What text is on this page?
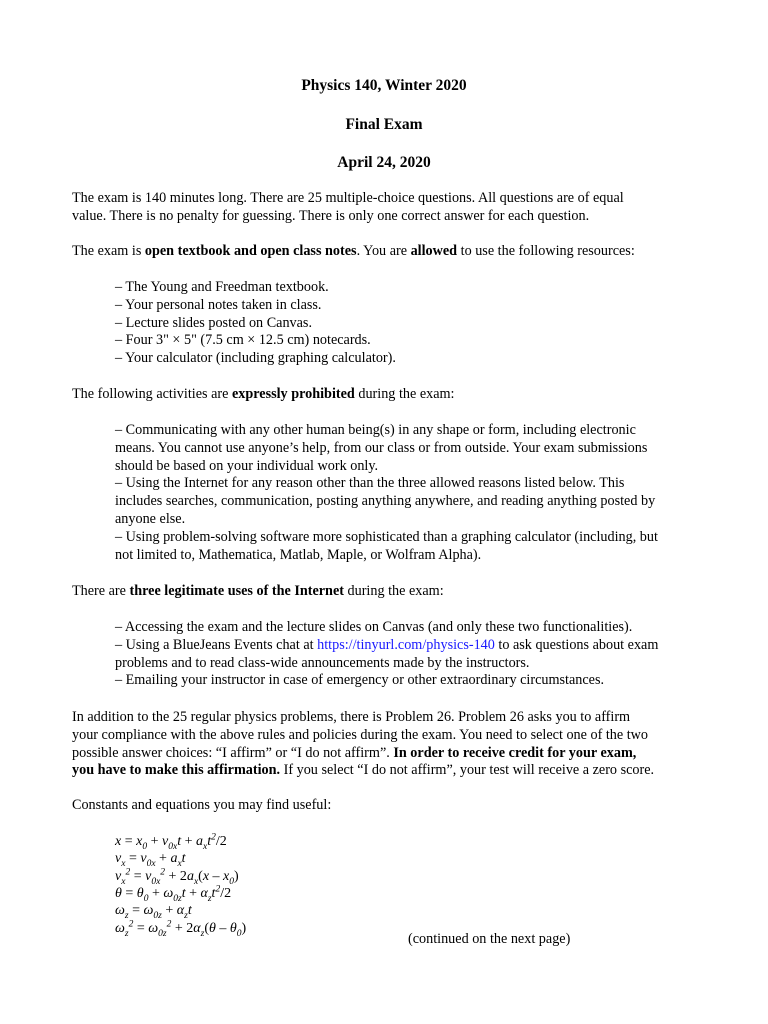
Physics 140, Winter 2020
Final Exam
April 24, 2020
The exam is 140 minutes long. There are 25 multiple-choice questions. All questions are of equal
value. There is no penalty for guessing. There is only one correct answer for each question.
The exam is open textbook and open class notes. You are allowed to use the following resources:
– The Young and Freedman textbook.
– Your personal notes taken in class.
– Lecture slides posted on Canvas.
– Four 3" × 5" (7.5 cm × 12.5 cm) notecards.
– Your calculator (including graphing calculator).
The following activities are expressly prohibited during the exam:
– Communicating with any other human being(s) in any shape or form, including electronic
means. You cannot use anyone’s help, from our class or from outside. Your exam submissions
should be based on your individual work only.
– Using the Internet for any reason other than the three allowed reasons listed below. This
includes searches, communication, posting anything anywhere, and reading anything posted by
anyone else.
– Using problem-solving software more sophisticated than a graphing calculator (including, but
not limited to, Mathematica, Matlab, Maple, or Wolfram Alpha).
There are three legitimate uses of the Internet during the exam:
– Accessing the exam and the lecture slides on Canvas (and only these two functionalities).
– Using a BlueJeans Events chat at https://tinyurl.com/physics-140 to ask questions about exam
problems and to read class-wide announcements made by the instructors.
– Emailing your instructor in case of emergency or other extraordinary circumstances.
In addition to the 25 regular physics problems, there is Problem 26. Problem 26 asks you to affirm
your compliance with the above rules and policies during the exam. You need to select one of the two
possible answer choices: “I affirm” or “I do not affirm”. In order to receive credit for your exam,
you have to make this affirmation. If you select “I do not affirm”, your test will receive a zero score.
Constants and equations you may find useful:
$x = x_0 + v_{0x}t + a_xt^2/2$
$v_x = v_{0x} + a_xt$
$v_x^2 = v_{0x}^2 + 2a_x(x - x_0)$
$\theta = \theta_0 + \omega_{0z}t + \alpha_zt^2/2$
$\omega_z = \omega_{0z} + \alpha_zt$
$\omega_z^2 = \omega_{0z}^2 + 2\alpha_z(\theta - \theta_0)$
(continued on the next page)
